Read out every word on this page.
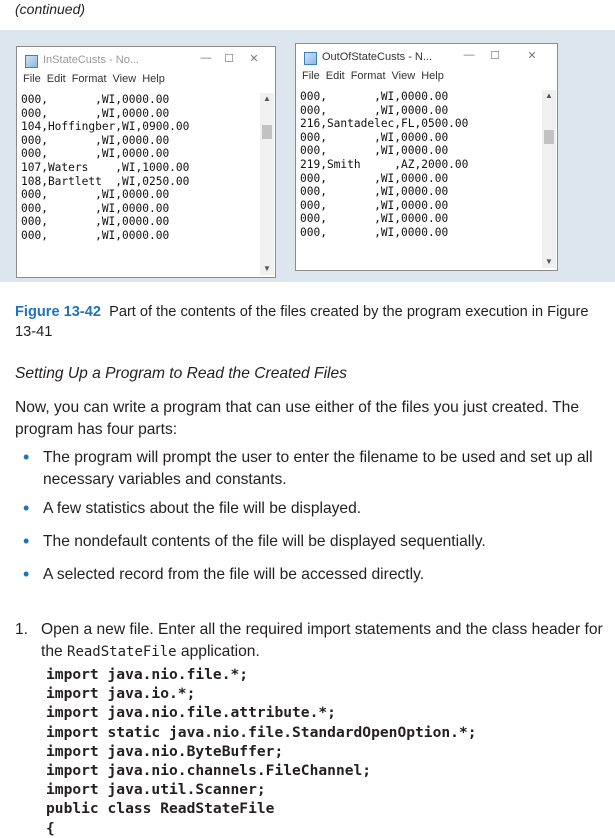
(continued)
InStateCusts - No...	— ☐ ✕
File Edit Format View Help
000,       ,WI,0000.00
000,       ,WI,0000.00
104,Hoffingber,WI,0900.00
000,       ,WI,0000.00
000,       ,WI,0000.00
107,Waters    ,WI,1000.00
108,Bartlett  ,WI,0250.00
000,       ,WI,0000.00
000,       ,WI,0000.00
000,       ,WI,0000.00
000,       ,WI,0000.00
▲
▼
OutOfStateCusts - N...	— ☐ ✕
File Edit Format View Help
000,       ,WI,0000.00
000,       ,WI,0000.00
216,Santadelec,FL,0500.00
000,       ,WI,0000.00
000,       ,WI,0000.00
219,Smith     ,AZ,2000.00
000,       ,WI,0000.00
000,       ,WI,0000.00
000,       ,WI,0000.00
000,       ,WI,0000.00
000,       ,WI,0000.00
▲
▼
Figure 13-42 Part of the contents of the files created by the program execution in Figure 13-41
Setting Up a Program to Read the Created Files
Now, you can write a program that can use either of the files you just created. The program has four parts:
• The program will prompt the user to enter the filename to be used and set up all necessary variables and constants.
• A few statistics about the file will be displayed.
• The nondefault contents of the file will be displayed sequentially.
• A selected record from the file will be accessed directly.
1. Open a new file. Enter all the required import statements and the class header for the ReadStateFile application.
import java.nio.file.*;
import java.io.*;
import java.nio.file.attribute.*;
import static java.nio.file.StandardOpenOption.*;
import java.nio.ByteBuffer;
import java.nio.channels.FileChannel;
import java.util.Scanner;
public class ReadStateFile
{
